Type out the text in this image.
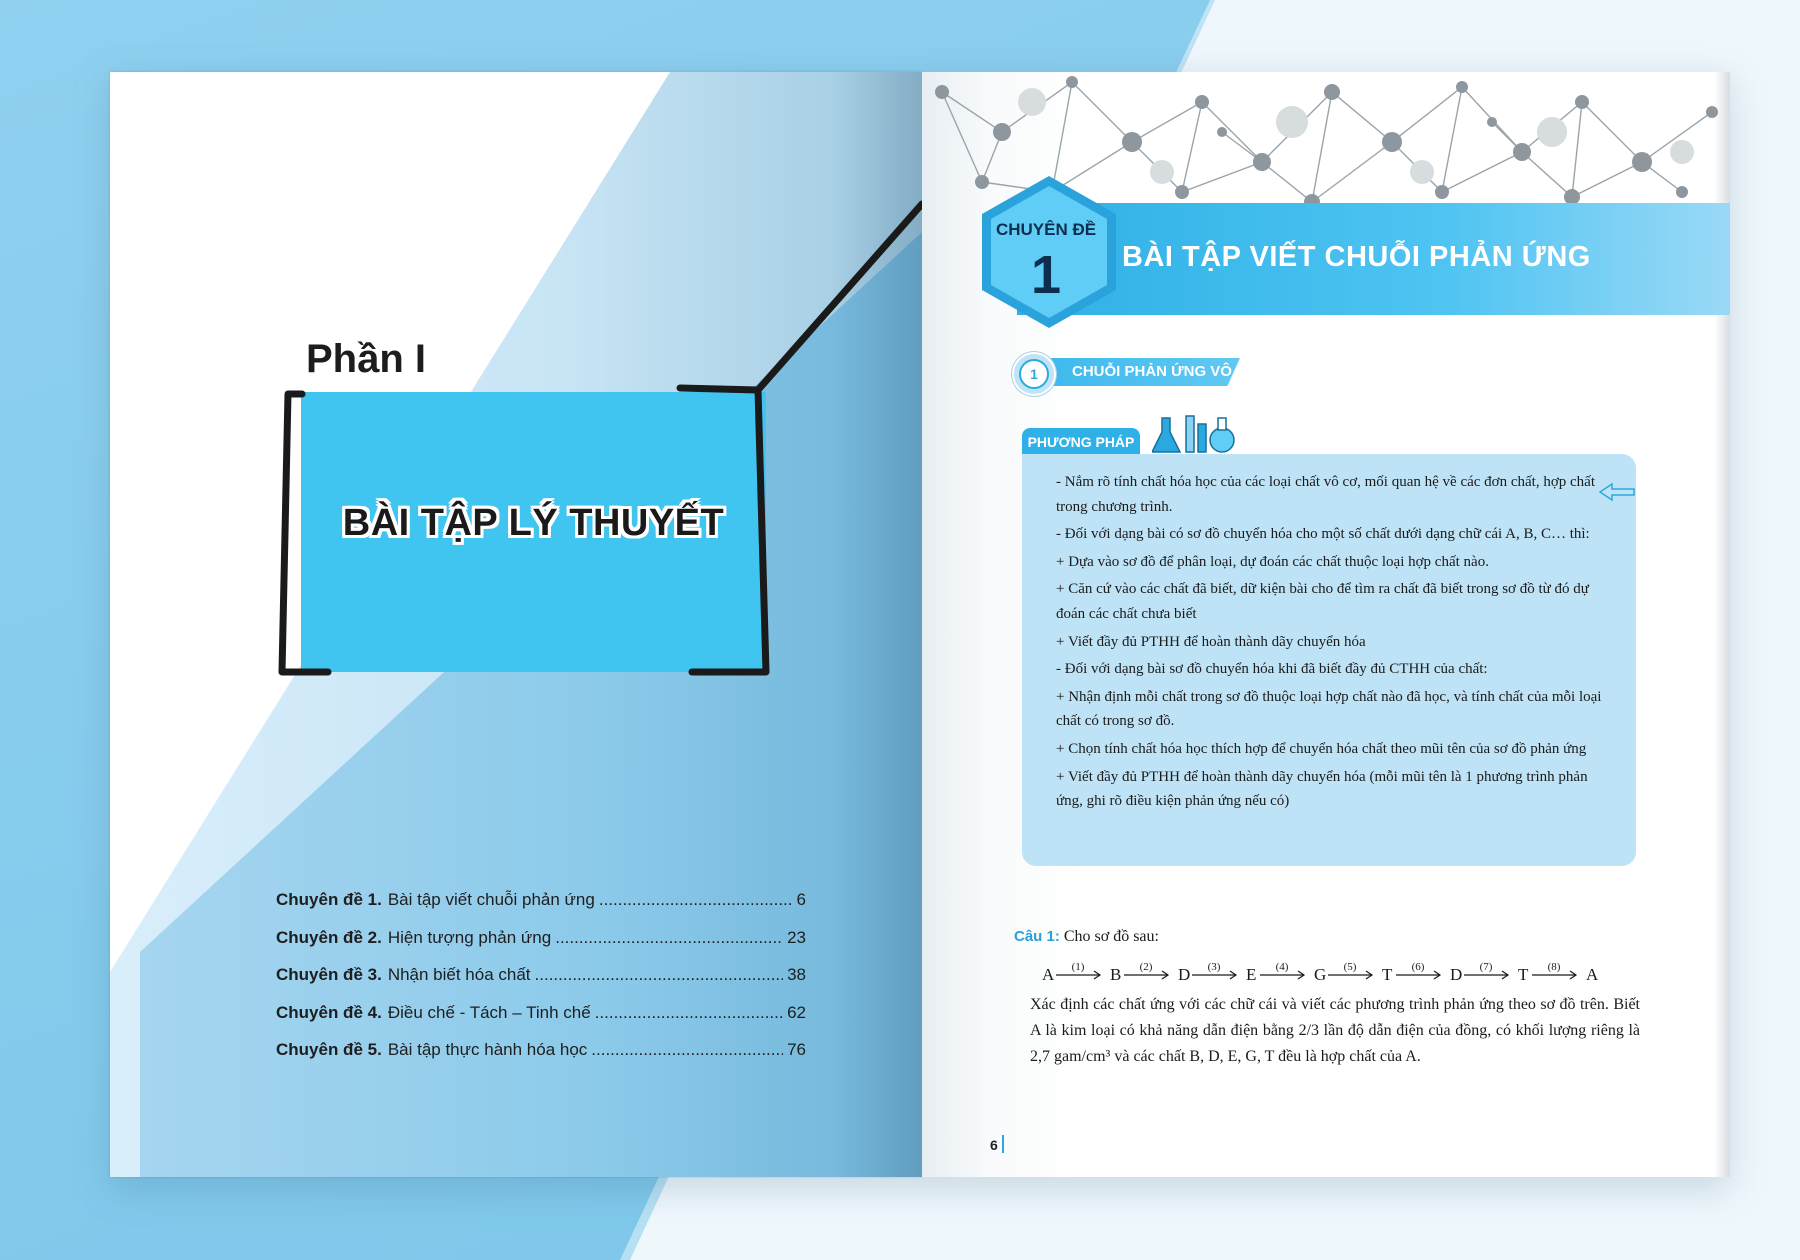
Phần I
BÀI TẬP LÝ THUYẾT
Chuyên đề 1. Bài tập viết chuỗi phản ứng .....	6
Chuyên đề 2. Hiện tượng phản ứng .....	23
Chuyên đề 3. Nhận biết hóa chất .....	38
Chuyên đề 4. Điều chế - Tách – Tinh chế .....	62
Chuyên đề 5. Bài tập thực hành hóa học .....	76
BÀI TẬP VIẾT CHUỖI PHẢN ỨNG
CHUYÊN ĐỀ
1
1	CHUỖI PHẢN ỨNG VÔ CƠ
PHƯƠNG PHÁP

- Nắm rõ tính chất hóa học của các loại chất vô cơ, mối quan hệ về các đơn chất, hợp chất trong chương trình.

- Đối với dạng bài có sơ đồ chuyển hóa cho một số chất dưới dạng chữ cái A, B, C… thì:

+ Dựa vào sơ đồ để phân loại, dự đoán các chất thuộc loại hợp chất nào.

+ Căn cứ vào các chất đã biết, dữ kiện bài cho để tìm ra chất đã biết trong sơ đồ từ đó dự đoán các chất chưa biết

+ Viết đầy đủ PTHH để hoàn thành dãy chuyển hóa

- Đối với dạng bài sơ đồ chuyển hóa khi đã biết đầy đủ CTHH của chất:

+ Nhận định mỗi chất trong sơ đồ thuộc loại hợp chất nào đã học, và tính chất của mỗi loại chất có trong sơ đồ.

+ Chọn tính chất hóa học thích hợp để chuyển hóa chất theo mũi tên của sơ đồ phản ứng

+ Viết đầy đủ PTHH để hoàn thành dãy chuyển hóa (mỗi mũi tên là 1 phương trình phản ứng, ghi rõ điều kiện phản ứng nếu có)

Câu 1: Cho sơ đồ sau:
A (1) B (2) D (3) E (4) G (5) T (6) D (7) T (8) A
Xác định các chất ứng với các chữ cái và viết các phương trình phản ứng theo sơ đồ trên. Biết A là kim loại có khả năng dẫn điện bằng 2/3 lần độ dẫn điện của đồng, có khối lượng riêng là 2,7 gam/cm³ và các chất B, D, E, G, T đều là hợp chất của A.
6
